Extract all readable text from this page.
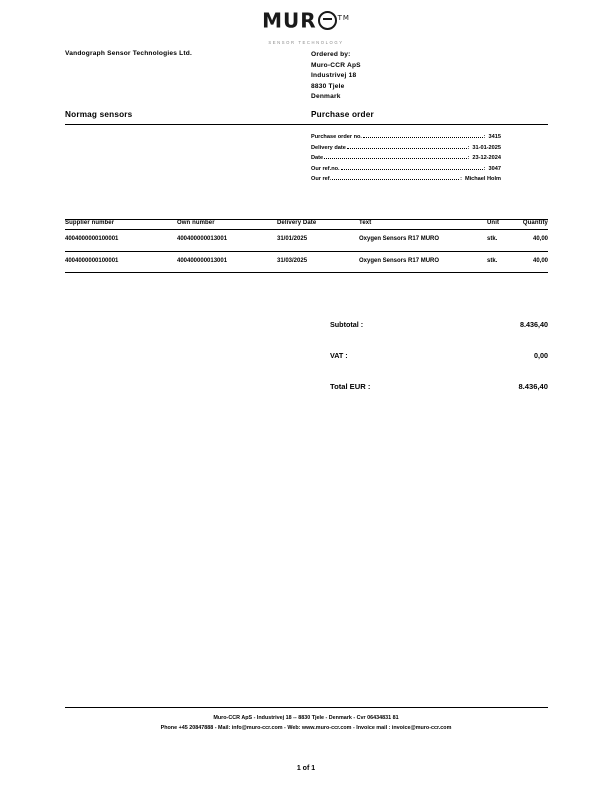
MUR	™
SENSOR TECHNOLOGY
Vandograph Sensor Technologies Ltd.	Ordered by:
Muro-CCR ApS
Industrivej 18
8830 Tjele
Denmark
Normag sensors	Purchase order
Purchase order no.	: 3415
Delivery date	: 31-01-2025
Date	: 23-12-2024
Our ref.no.	: 3047
Our ref.	: Michael Holm
Supplier number	Own number	Delivery Date	Text	Unit	Quantity
4004000000100001	400400000013001	31/01/2025	Oxygen Sensors R17 MURO	stk.	40,00
4004000000100001	400400000013001	31/03/2025	Oxygen Sensors R17 MURO	stk.	40,00
Subtotal :	8.436,40
VAT :	0,00
Total EUR :	8.436,40
Muro-CCR ApS - Industrivej 18 -- 8830 Tjele - Denmark - Cvr 06434831 81
Phone +45 20847888 - Mail: info@muro-ccr.com - Web: www.muro-ccr.com - Invoice mail : invoice@muro-ccr.com
1 of 1
